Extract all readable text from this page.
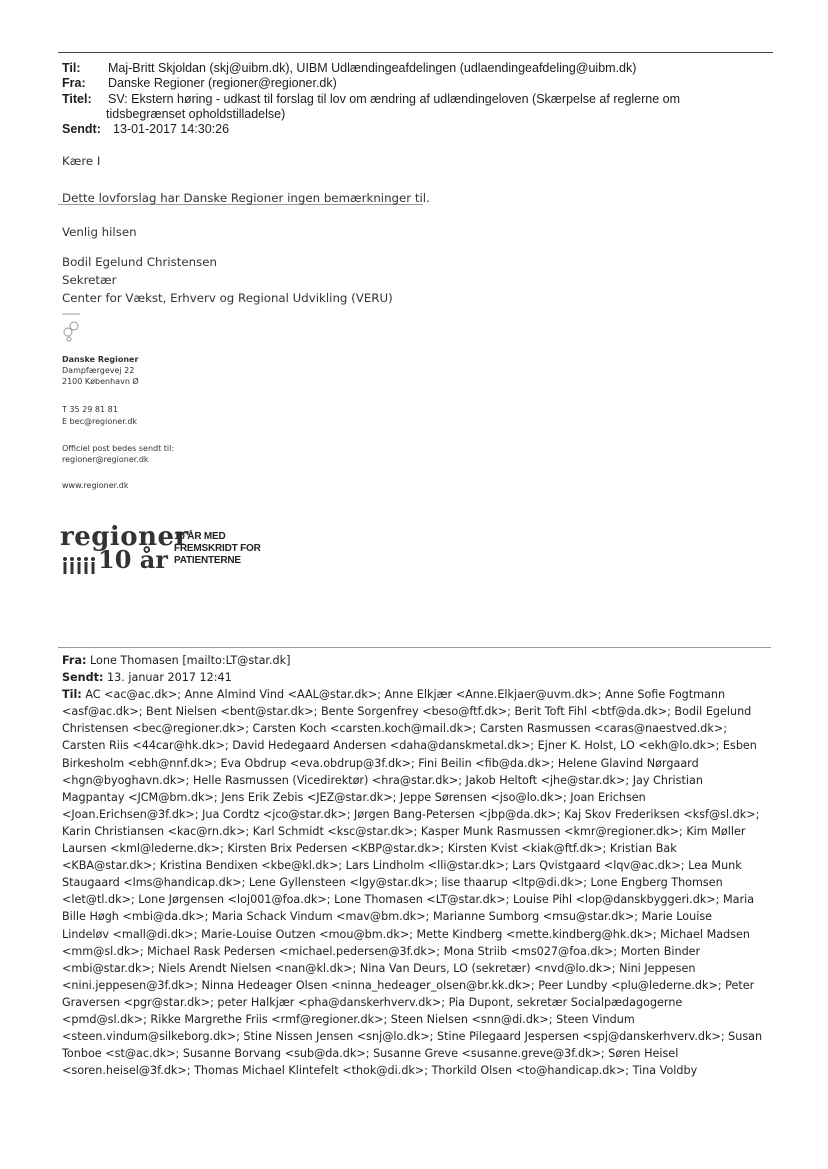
Til: Maj-Britt Skjoldan (skj@uibm.dk), UIBM Udlændingeafdelingen (udlaendingeafdeling@uibm.dk)
Fra: Danske Regioner (regioner@regioner.dk)
Titel: SV: Ekstern høring - udkast til forslag til lov om ændring af udlændingeloven (Skærpelse af reglerne om
tidsbegrænset opholdstilladelse)
Sendt: 13-01-2017 14:30:26
Kære I
Dette lovforslag har Danske Regioner ingen bemærkninger til.
Venlig hilsen
Bodil Egelund Christensen
Sekretær
Center for Vækst, Erhverv og Regional Udvikling (VERU)
Danske Regioner
Dampfærgevej 22
2100 København Ø
T 35 29 81 81
E bec@regioner.dk
Officiel post bedes sendt til:
regioner@regioner.dk
www.regioner.dk
regioner
10 år
10 ÅR MED
FREMSKRIDT FOR
PATIENTERNE
Fra: Lone Thomasen [mailto:LT@star.dk]
Sendt: 13. januar 2017 12:41
Til: AC <ac@ac.dk>; Anne Almind Vind <AAL@star.dk>; Anne Elkjær <Anne.Elkjaer@uvm.dk>; Anne Sofie Fogtmann
<asf@ac.dk>; Bent Nielsen <bent@star.dk>; Bente Sorgenfrey <beso@ftf.dk>; Berit Toft Fihl <btf@da.dk>; Bodil Egelund
Christensen <bec@regioner.dk>; Carsten Koch <carsten.koch@mail.dk>; Carsten Rasmussen <caras@naestved.dk>;
Carsten Riis <44car@hk.dk>; David Hedegaard Andersen <daha@danskmetal.dk>; Ejner K. Holst, LO <ekh@lo.dk>; Esben
Birkesholm <ebh@nnf.dk>; Eva Obdrup <eva.obdrup@3f.dk>; Fini Beilin <fib@da.dk>; Helene Glavind Nørgaard
<hgn@byoghavn.dk>; Helle Rasmussen (Vicedirektør) <hra@star.dk>; Jakob Heltoft <jhe@star.dk>; Jay Christian
Magpantay <JCM@bm.dk>; Jens Erik Zebis <JEZ@star.dk>; Jeppe Sørensen <jso@lo.dk>; Joan Erichsen
<Joan.Erichsen@3f.dk>; Jua Cordtz <jco@star.dk>; Jørgen Bang-Petersen <jbp@da.dk>; Kaj Skov Frederiksen <ksf@sl.dk>;
Karin Christiansen <kac@rn.dk>; Karl Schmidt <ksc@star.dk>; Kasper Munk Rasmussen <kmr@regioner.dk>; Kim Møller
Laursen <kml@lederne.dk>; Kirsten Brix Pedersen <KBP@star.dk>; Kirsten Kvist <kiak@ftf.dk>; Kristian Bak
<KBA@star.dk>; Kristina Bendixen <kbe@kl.dk>; Lars Lindholm <lli@star.dk>; Lars Qvistgaard <lqv@ac.dk>; Lea Munk
Staugaard <lms@handicap.dk>; Lene Gyllensteen <lgy@star.dk>; lise thaarup <ltp@di.dk>; Lone Engberg Thomsen
<let@tl.dk>; Lone Jørgensen <loj001@foa.dk>; Lone Thomasen <LT@star.dk>; Louise Pihl <lop@danskbyggeri.dk>; Maria
Bille Høgh <mbi@da.dk>; Maria Schack Vindum <mav@bm.dk>; Marianne Sumborg <msu@star.dk>; Marie Louise
Lindeløv <mall@di.dk>; Marie-Louise Outzen <mou@bm.dk>; Mette Kindberg <mette.kindberg@hk.dk>; Michael Madsen
<mm@sl.dk>; Michael Rask Pedersen <michael.pedersen@3f.dk>; Mona Striib <ms027@foa.dk>; Morten Binder
<mbi@star.dk>; Niels Arendt Nielsen <nan@kl.dk>; Nina Van Deurs, LO (sekretær) <nvd@lo.dk>; Nini Jeppesen
<nini.jeppesen@3f.dk>; Ninna Hedeager Olsen <ninna_hedeager_olsen@br.kk.dk>; Peer Lundby <plu@lederne.dk>; Peter
Graversen <pgr@star.dk>; peter Halkjær <pha@danskerhverv.dk>; Pia Dupont, sekretær Socialpædagogerne
<pmd@sl.dk>; Rikke Margrethe Friis <rmf@regioner.dk>; Steen Nielsen <snn@di.dk>; Steen Vindum
<steen.vindum@silkeborg.dk>; Stine Nissen Jensen <snj@lo.dk>; Stine Pilegaard Jespersen <spj@danskerhverv.dk>; Susan
Tonboe <st@ac.dk>; Susanne Borvang <sub@da.dk>; Susanne Greve <susanne.greve@3f.dk>; Søren Heisel
<soren.heisel@3f.dk>; Thomas Michael Klintefelt <thok@di.dk>; Thorkild Olsen <to@handicap.dk>; Tina Voldby
